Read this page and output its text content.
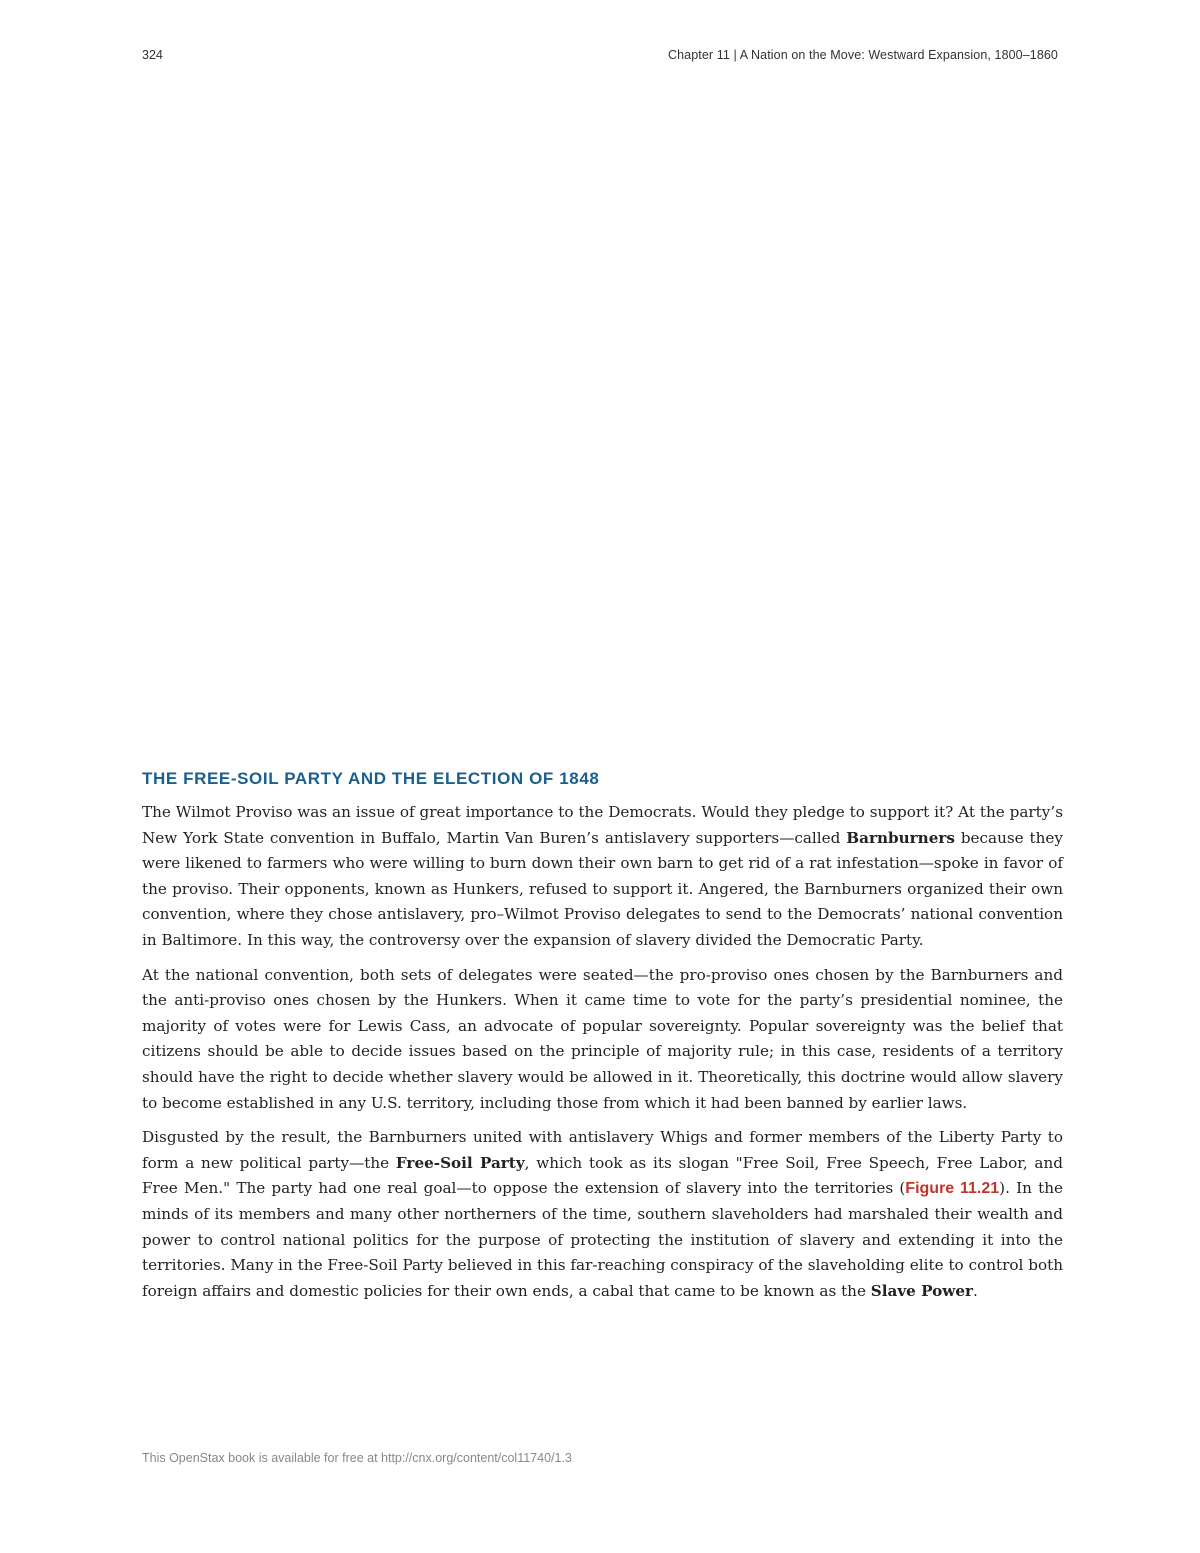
324	Chapter 11 | A Nation on the Move: Westward Expansion, 1800–1860
THE FREE-SOIL PARTY AND THE ELECTION OF 1848

The Wilmot Proviso was an issue of great importance to the Democrats. Would they pledge to support it? At the party’s New York State convention in Buffalo, Martin Van Buren’s antislavery supporters—called Barnburners because they were likened to farmers who were willing to burn down their own barn to get rid of a rat infestation—spoke in favor of the proviso. Their opponents, known as Hunkers, refused to support it. Angered, the Barnburners organized their own convention, where they chose antislavery, pro–Wilmot Proviso delegates to send to the Democrats’ national convention in Baltimore. In this way, the controversy over the expansion of slavery divided the Democratic Party.

At the national convention, both sets of delegates were seated—the pro-proviso ones chosen by the Barnburners and the anti-proviso ones chosen by the Hunkers. When it came time to vote for the party’s presidential nominee, the majority of votes were for Lewis Cass, an advocate of popular sovereignty. Popular sovereignty was the belief that citizens should be able to decide issues based on the principle of majority rule; in this case, residents of a territory should have the right to decide whether slavery would be allowed in it. Theoretically, this doctrine would allow slavery to become established in any U.S. territory, including those from which it had been banned by earlier laws.

Disgusted by the result, the Barnburners united with antislavery Whigs and former members of the Liberty Party to form a new political party—the Free-Soil Party, which took as its slogan "Free Soil, Free Speech, Free Labor, and Free Men." The party had one real goal—to oppose the extension of slavery into the territories (Figure 11.21). In the minds of its members and many other northerners of the time, southern slaveholders had marshaled their wealth and power to control national politics for the purpose of protecting the institution of slavery and extending it into the territories. Many in the Free-Soil Party believed in this far-reaching conspiracy of the slaveholding elite to control both foreign affairs and domestic policies for their own ends, a cabal that came to be known as the Slave Power.

This OpenStax book is available for free at http://cnx.org/content/col11740/1.3
